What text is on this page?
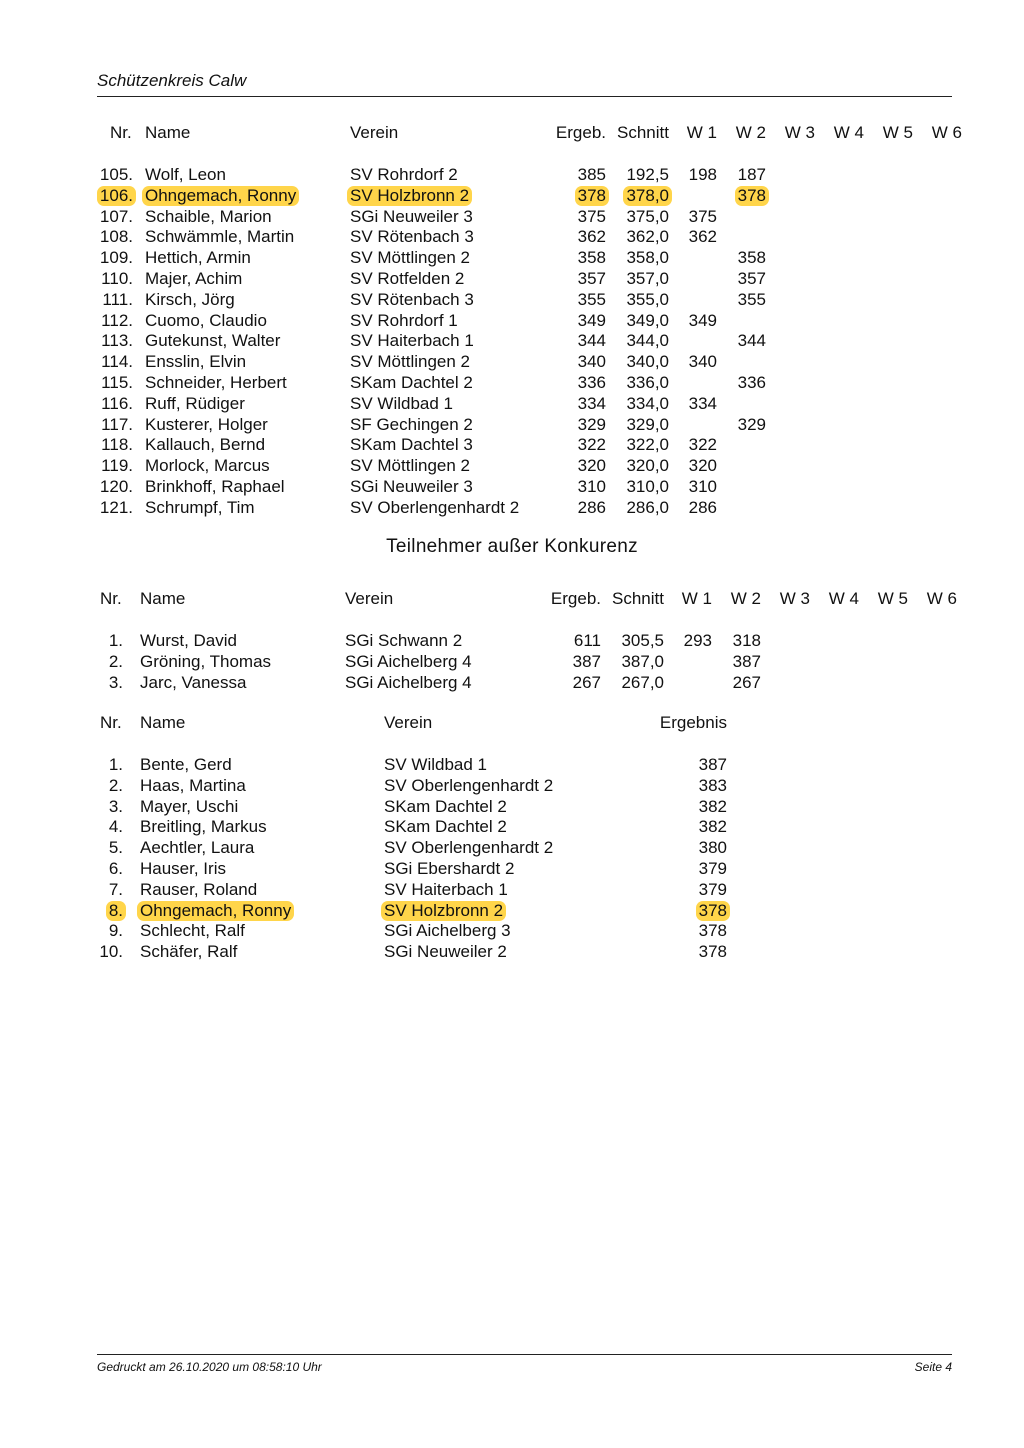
Schützenkreis Calw
Nr. Name	Verein	Ergeb. Schnitt W 1 W 2 W 3 W 4 W 5 W 6
105. Wolf, Leon	SV Rohrdorf 2	385 192,5 198 187
106. Ohngemach, Ronny	SV Holzbronn 2	378 378,0	378
107. Schaible, Marion	SGi Neuweiler 3	375 375,0 375
108. Schwämmle, Martin	SV Rötenbach 3	362 362,0 362
109. Hettich, Armin	SV Möttlingen 2	358 358,0	358
110. Majer, Achim	SV Rotfelden 2	357 357,0	357
111. Kirsch, Jörg	SV Rötenbach 3	355 355,0	355
112. Cuomo, Claudio	SV Rohrdorf 1	349 349,0 349
113. Gutekunst, Walter	SV Haiterbach 1	344 344,0	344
114. Ensslin, Elvin	SV Möttlingen 2	340 340,0 340
115. Schneider, Herbert	SKam Dachtel 2	336 336,0	336
116. Ruff, Rüdiger	SV Wildbad 1	334 334,0 334
117. Kusterer, Holger	SF Gechingen 2	329 329,0	329
118. Kallauch, Bernd	SKam Dachtel 3	322 322,0 322
119. Morlock, Marcus	SV Möttlingen 2	320 320,0 320
120. Brinkhoff, Raphael	SGi Neuweiler 3	310 310,0 310
121. Schrumpf, Tim	SV Oberlengenhardt 2	286 286,0 286
Teilnehmer außer Konkurenz
Nr. Name	Verein	Ergeb. Schnitt W 1 W 2 W 3 W 4 W 5 W 6
1. Wurst, David	SGi Schwann 2	611 305,5 293 318
2. Gröning, Thomas	SGi Aichelberg 4	387 387,0	387
3. Jarc, Vanessa	SGi Aichelberg 4	267 267,0	267
Nr. Name	Verein	Ergebnis
1. Bente, Gerd	SV Wildbad 1	387
2. Haas, Martina	SV Oberlengenhardt 2	383
3. Mayer, Uschi	SKam Dachtel 2	382
4. Breitling, Markus	SKam Dachtel 2	382
5. Aechtler, Laura	SV Oberlengenhardt 2	380
6. Hauser, Iris	SGi Ebershardt 2	379
7. Rauser, Roland	SV Haiterbach 1	379
8. Ohngemach, Ronny	SV Holzbronn 2	378
9. Schlecht, Ralf	SGi Aichelberg 3	378
10. Schäfer, Ralf	SGi Neuweiler 2	378
Gedruckt am 26.10.2020 um 08:58:10 Uhr	Seite 4
